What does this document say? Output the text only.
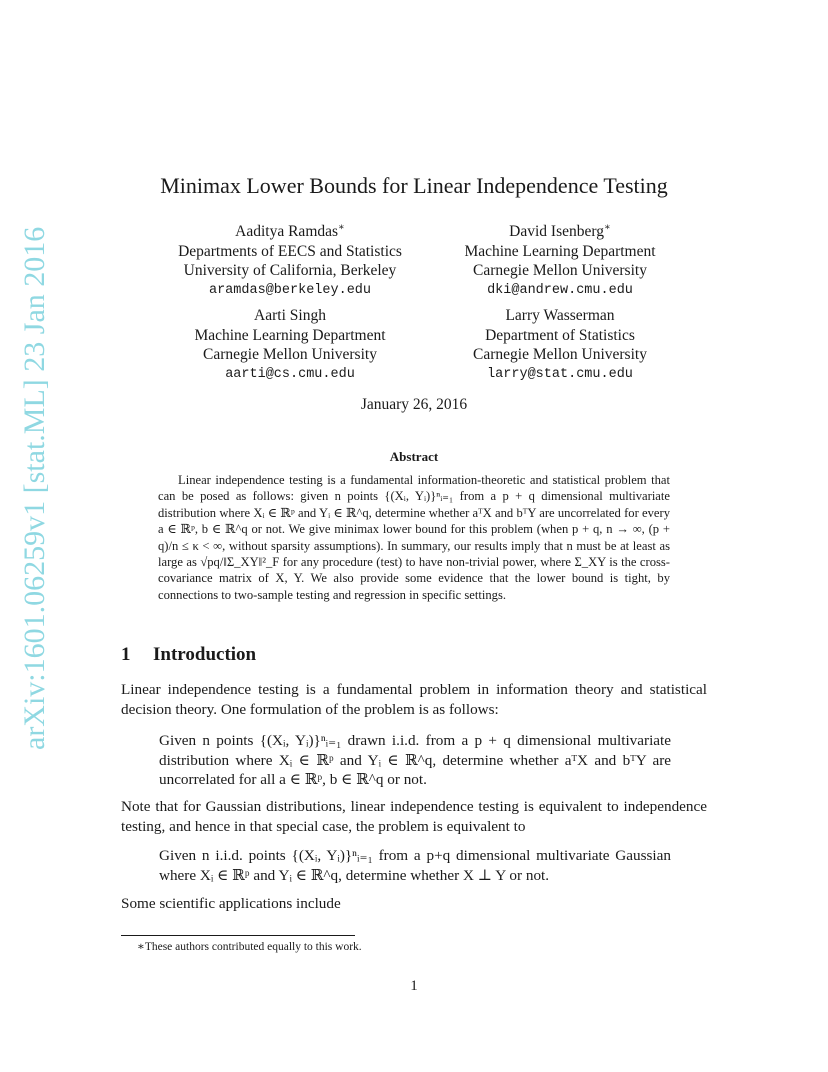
arXiv:1601.06259v1 [stat.ML] 23 Jan 2016
Minimax Lower Bounds for Linear Independence Testing
Aaditya Ramdas∗
Departments of EECS and Statistics
University of California, Berkeley
aramdas@berkeley.edu
David Isenberg∗
Machine Learning Department
Carnegie Mellon University
dki@andrew.cmu.edu
Aarti Singh
Machine Learning Department
Carnegie Mellon University
aarti@cs.cmu.edu
Larry Wasserman
Department of Statistics
Carnegie Mellon University
larry@stat.cmu.edu
January 26, 2016
Abstract

Linear independence testing is a fundamental information-theoretic and statistical problem that can be posed as follows: given n points {(Xᵢ, Yᵢ)}ⁿᵢ₌₁ from a p + q dimensional multivariate distribution where Xᵢ ∈ ℝᵖ and Yᵢ ∈ ℝ^q, determine whether aᵀX and bᵀY are uncorrelated for every a ∈ ℝᵖ, b ∈ ℝ^q or not. We give minimax lower bound for this problem (when p + q, n → ∞, (p + q)/n ≤ κ < ∞, without sparsity assumptions). In summary, our results imply that n must be at least as large as √pq/‖Σ_XY‖²_F for any procedure (test) to have non-trivial power, where Σ_XY is the cross-covariance matrix of X, Y. We also provide some evidence that the lower bound is tight, by connections to two-sample testing and regression in specific settings.

1 Introduction

Linear independence testing is a fundamental problem in information theory and statistical decision theory. One formulation of the problem is as follows:

Given n points {(Xᵢ, Yᵢ)}ⁿᵢ₌₁ drawn i.i.d. from a p + q dimensional multivariate distribution where Xᵢ ∈ ℝᵖ and Yᵢ ∈ ℝ^q, determine whether aᵀX and bᵀY are uncorrelated for all a ∈ ℝᵖ, b ∈ ℝ^q or not.

Note that for Gaussian distributions, linear independence testing is equivalent to independence testing, and hence in that special case, the problem is equivalent to

Given n i.i.d. points {(Xᵢ, Yᵢ)}ⁿᵢ₌₁ from a p+q dimensional multivariate Gaussian where Xᵢ ∈ ℝᵖ and Yᵢ ∈ ℝ^q, determine whether X ⊥ Y or not.

Some scientific applications include

∗These authors contributed equally to this work.
1
